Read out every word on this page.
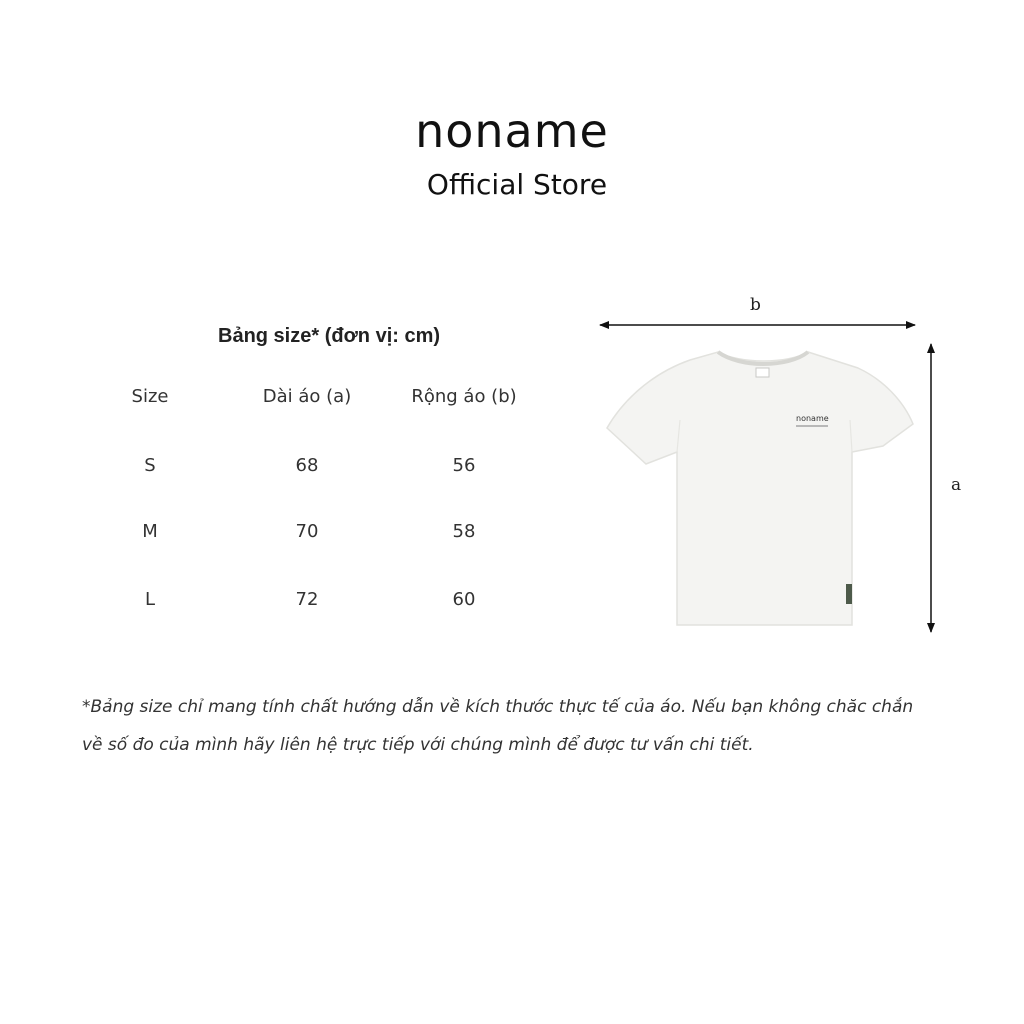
noname
Official Store
Bảng size* (đơn vị: cm)
Size	Dài áo (a)	Rộng áo (b)
S	68	56
M	70	58
L	72	60
noname
b
a
*Bảng size chỉ mang tính chất hướng dẫn về kích thước thực tế của áo. Nếu bạn không chăc chắn
về số đo của mình hãy liên hệ trực tiếp với chúng mình để được tư vấn chi tiết.
